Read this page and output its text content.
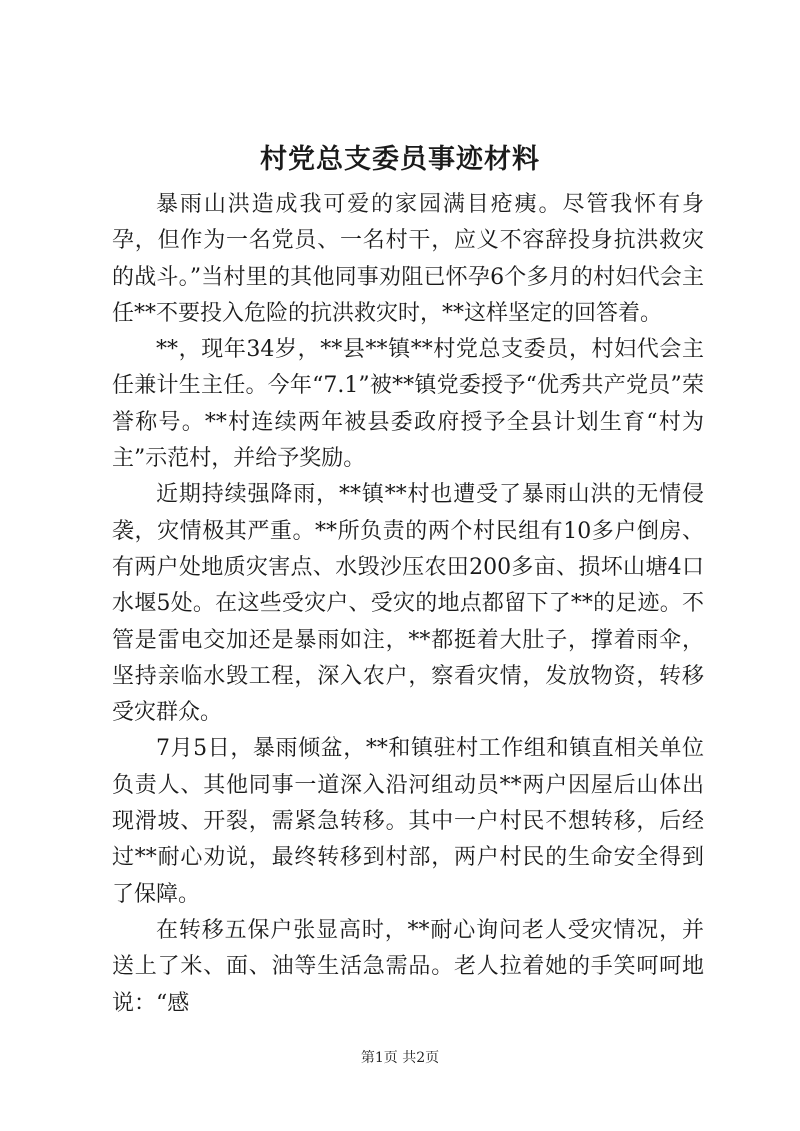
村党总支委员事迹材料

暴雨山洪造成我可爱的家园满目疮痍。尽管我怀有身孕，但作为一名党员、一名村干，应义不容辞投身抗洪救灾的战斗。”当村里的其他同事劝阻已怀孕6个多月的村妇代会主任**不要投入危险的抗洪救灾时，**这样坚定的回答着。

**，现年34岁，**县**镇**村党总支委员，村妇代会主任兼计生主任。今年“7.1”被**镇党委授予“优秀共产党员”荣誉称号。**村连续两年被县委政府授予全县计划生育“村为主”示范村，并给予奖励。

近期持续强降雨，**镇**村也遭受了暴雨山洪的无情侵袭，灾情极其严重。**所负责的两个村民组有10多户倒房、有两户处地质灾害点、水毁沙压农田200多亩、损坏山塘4口水堰5处。在这些受灾户、受灾的地点都留下了**的足迹。不管是雷电交加还是暴雨如注，**都挺着大肚子，撑着雨伞，坚持亲临水毁工程，深入农户，察看灾情，发放物资，转移受灾群众。

7月5日，暴雨倾盆，**和镇驻村工作组和镇直相关单位负责人、其他同事一道深入沿河组动员**两户因屋后山体出现滑坡、开裂，需紧急转移。其中一户村民不想转移，后经过**耐心劝说，最终转移到村部，两户村民的生命安全得到了保障。

在转移五保户张显高时，**耐心询问老人受灾情况，并送上了米、面、油等生活急需品。老人拉着她的手笑呵呵地说：“感

第1页 共2页
